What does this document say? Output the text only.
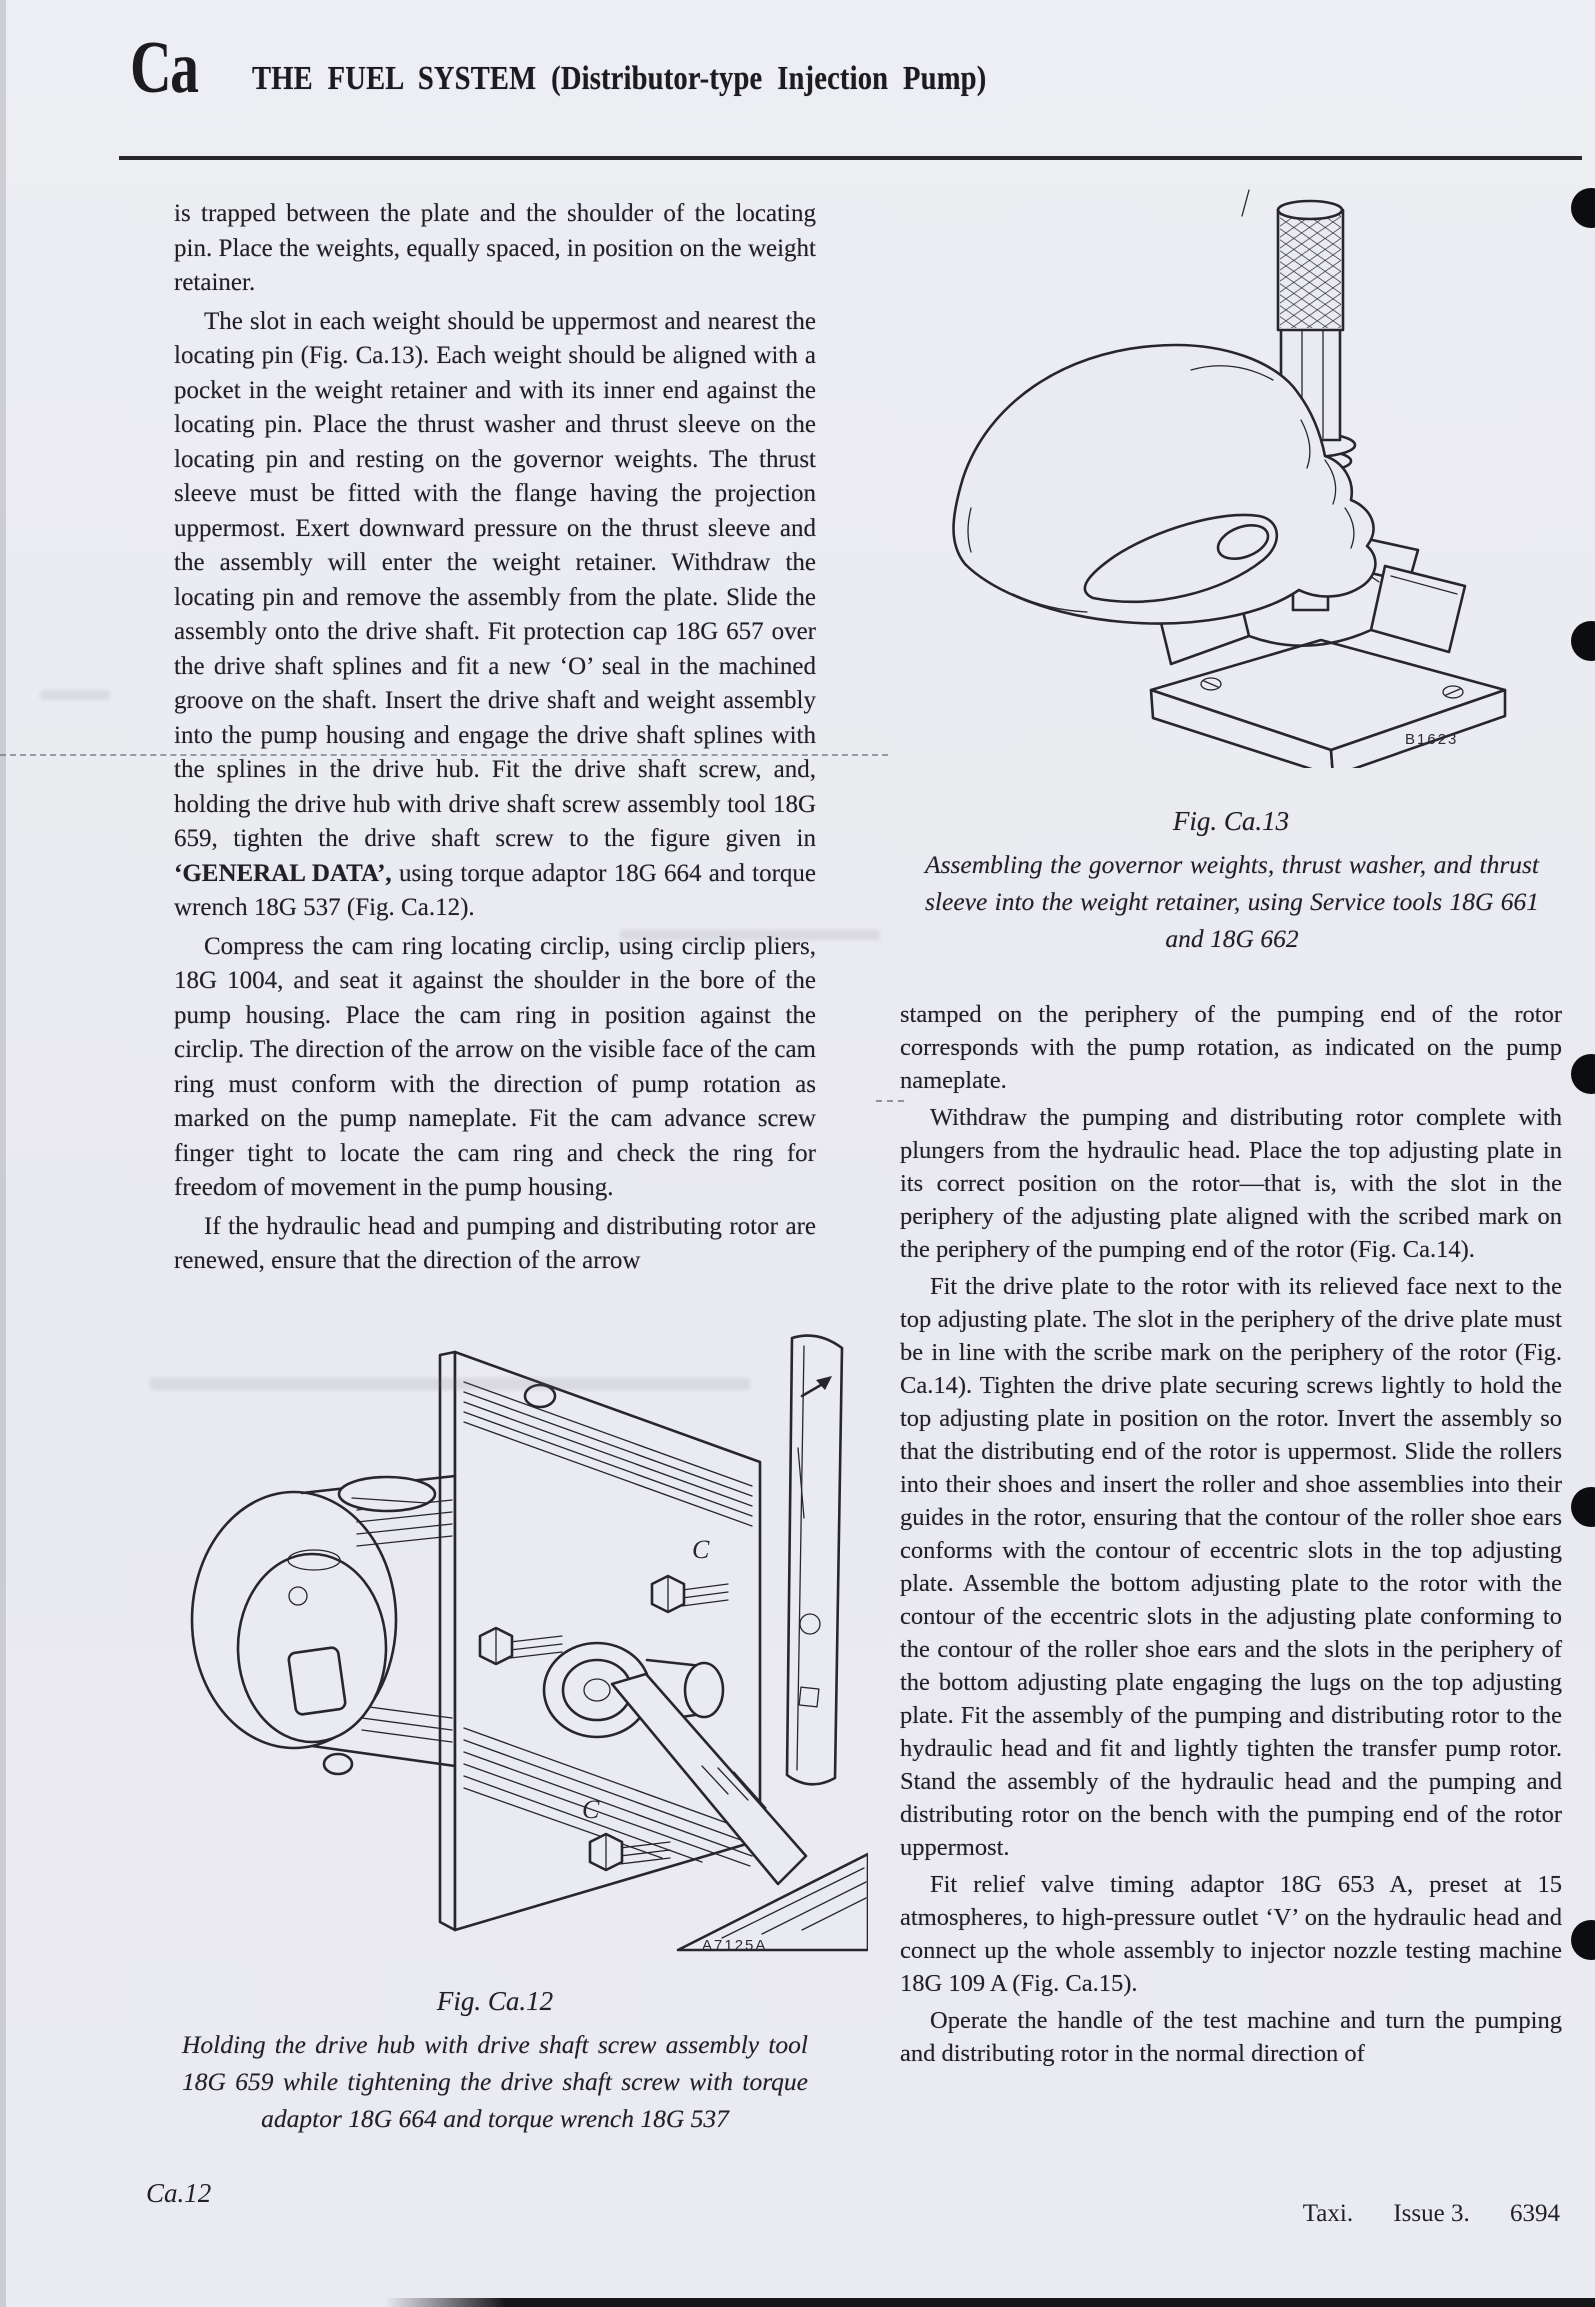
Ca THE FUEL SYSTEM (Distributor-type Injection Pump)

is trapped between the plate and the shoulder of the locating pin. Place the weights, equally spaced, in position on the weight retainer.

The slot in each weight should be uppermost and nearest the locating pin (Fig. Ca.13). Each weight should be aligned with a pocket in the weight retainer and with its inner end against the locating pin. Place the thrust washer and thrust sleeve on the locating pin and resting on the governor weights. The thrust sleeve must be fitted with the flange having the projection uppermost. Exert downward pressure on the thrust sleeve and the assembly will enter the weight retainer. Withdraw the locating pin and remove the assembly from the plate. Slide the assembly onto the drive shaft. Fit protection cap 18G 657 over the drive shaft splines and fit a new ‘O’ seal in the machined groove on the shaft. Insert the drive shaft and weight assembly into the pump housing and engage the drive shaft splines with the splines in the drive hub. Fit the drive shaft screw, and, holding the drive hub with drive shaft screw assembly tool 18G 659, tighten the drive shaft screw to the figure given in ‘GENERAL DATA’, using torque adaptor 18G 664 and torque wrench 18G 537 (Fig. Ca.12).

Compress the cam ring locating circlip, using circlip pliers, 18G 1004, and seat it against the shoulder in the bore of the pump housing. Place the cam ring in position against the circlip. The direction of the arrow on the visible face of the cam ring must conform with the direction of pump rotation as marked on the pump nameplate. Fit the cam advance screw finger tight to locate the cam ring and check the ring for freedom of movement in the pump housing.

If the hydraulic head and pumping and distributing rotor are renewed, ensure that the direction of the arrow

B1623
Fig. Ca.13
Assembling the governor weights, thrust washer, and thrust sleeve into the weight retainer, using Service tools 18G 661 and 18G 662

stamped on the periphery of the pumping end of the rotor corresponds with the pump rotation, as indicated on the pump nameplate.

Withdraw the pumping and distributing rotor complete with plungers from the hydraulic head. Place the top adjusting plate in its correct position on the rotor—that is, with the slot in the periphery of the adjusting plate aligned with the scribed mark on the periphery of the pumping end of the rotor (Fig. Ca.14).

Fit the drive plate to the rotor with its relieved face next to the top adjusting plate. The slot in the periphery of the drive plate must be in line with the scribe mark on the periphery of the rotor (Fig. Ca.14). Tighten the drive plate securing screws lightly to hold the top adjusting plate in position on the rotor. Invert the assembly so that the distributing end of the rotor is uppermost. Slide the rollers into their shoes and insert the roller and shoe assemblies into their guides in the rotor, ensuring that the contour of the roller shoe ears conforms with the contour of eccentric slots in the top adjusting plate. Assemble the bottom adjusting plate to the rotor with the contour of the eccentric slots in the adjusting plate conforming to the contour of the roller shoe ears and the slots in the periphery of the bottom adjusting plate engaging the lugs on the top adjusting plate. Fit the assembly of the pumping and distributing rotor to the hydraulic head and fit and lightly tighten the transfer pump rotor. Stand the assembly of the hydraulic head and the pumping and distributing rotor on the bench with the pumping end of the rotor uppermost.

Fit relief valve timing adaptor 18G 653 A, preset at 15 atmospheres, to high-pressure outlet ‘V’ on the hydraulic head and connect up the whole assembly to injector nozzle testing machine 18G 109 A (Fig. Ca.15).

Operate the handle of the test machine and turn the pumping and distributing rotor in the normal direction of

C
C
A7125A
Fig. Ca.12
Holding the drive hub with drive shaft screw assembly tool 18G 659 while tightening the drive shaft screw with torque adaptor 18G 664 and torque wrench 18G 537
Ca.12
Taxi. Issue 3. 6394
